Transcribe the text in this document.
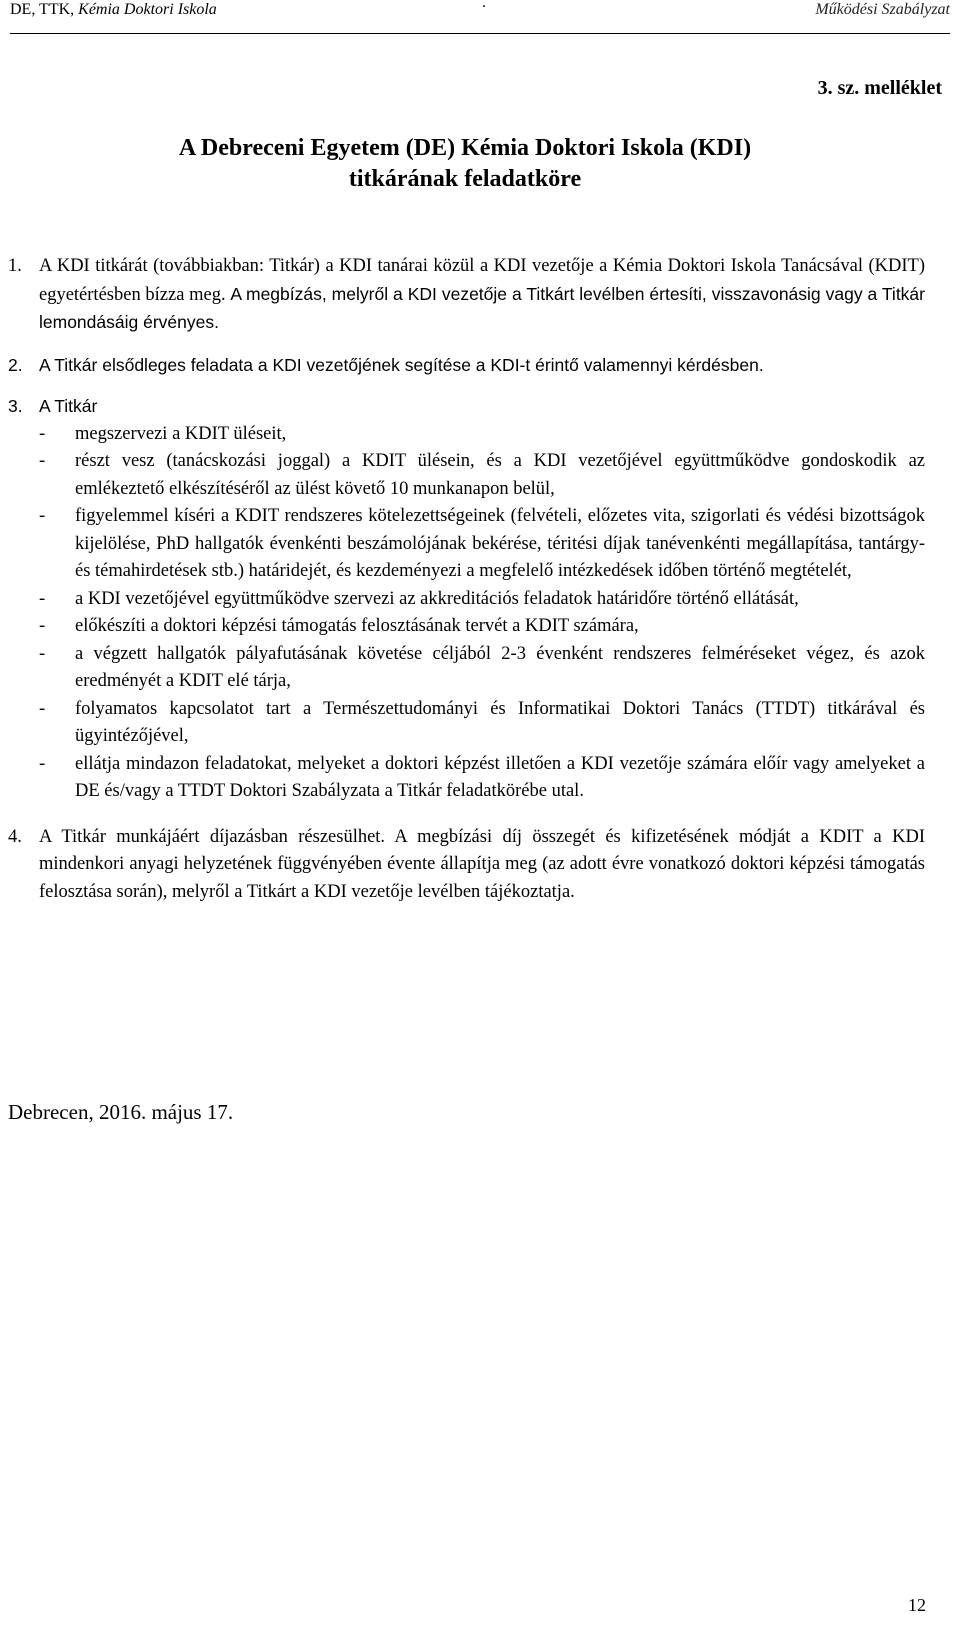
DE, TTK, Kémia Doktori Iskola	.	Működési Szabályzat
3. sz. melléklet
A Debreceni Egyetem (DE) Kémia Doktori Iskola (KDI)
titkárának feladatköre

1. A KDI titkárát (továbbiakban: Titkár) a KDI tanárai közül a KDI vezetője a Kémia Doktori Iskola Tanácsával (KDIT) egyetértésben bízza meg. A megbízás, melyről a KDI vezetője a Titkárt levélben értesíti, visszavonásig vagy a Titkár lemondásáig érvényes.

2. A Titkár elsődleges feladata a KDI vezetőjének segítése a KDI-t érintő valamennyi kérdésben.

3. A Titkár
- megszervezi a KDIT üléseit,
- részt vesz (tanácskozási joggal) a KDIT ülésein, és a KDI vezetőjével együttműködve gondoskodik az emlékeztető elkészítéséről az ülést követő 10 munkanapon belül,
- figyelemmel kíséri a KDIT rendszeres kötelezettségeinek (felvételi, előzetes vita, szigorlati és védési bizottságok kijelölése, PhD hallgatók évenkénti beszámolójának bekérése, téritési díjak tanévenkénti megállapítása, tantárgy- és témahirdetések stb.) határidejét, és kezdeményezi a megfelelő intézkedések időben történő megtételét,
- a KDI vezetőjével együttműködve szervezi az akkreditációs feladatok határidőre történő ellátását,
- előkészíti a doktori képzési támogatás felosztásának tervét a KDIT számára,
- a végzett hallgatók pályafutásának követése céljából 2-3 évenként rendszeres felméréseket végez, és azok eredményét a KDIT elé tárja,
- folyamatos kapcsolatot tart a Természettudományi és Informatikai Doktori Tanács (TTDT) titkárával és ügyintézőjével,
- ellátja mindazon feladatokat, melyeket a doktori képzést illetően a KDI vezetője számára előír vagy amelyeket a DE és/vagy a TTDT Doktori Szabályzata a Titkár feladatkörébe utal.

4. A Titkár munkájáért díjazásban részesülhet. A megbízási díj összegét és kifizetésének módját a KDIT a KDI mindenkori anyagi helyzetének függvényében évente állapítja meg (az adott évre vonatkozó doktori képzési támogatás felosztása során), melyről a Titkárt a KDI vezetője levélben tájékoztatja.

Debrecen, 2016. május 17.
12
